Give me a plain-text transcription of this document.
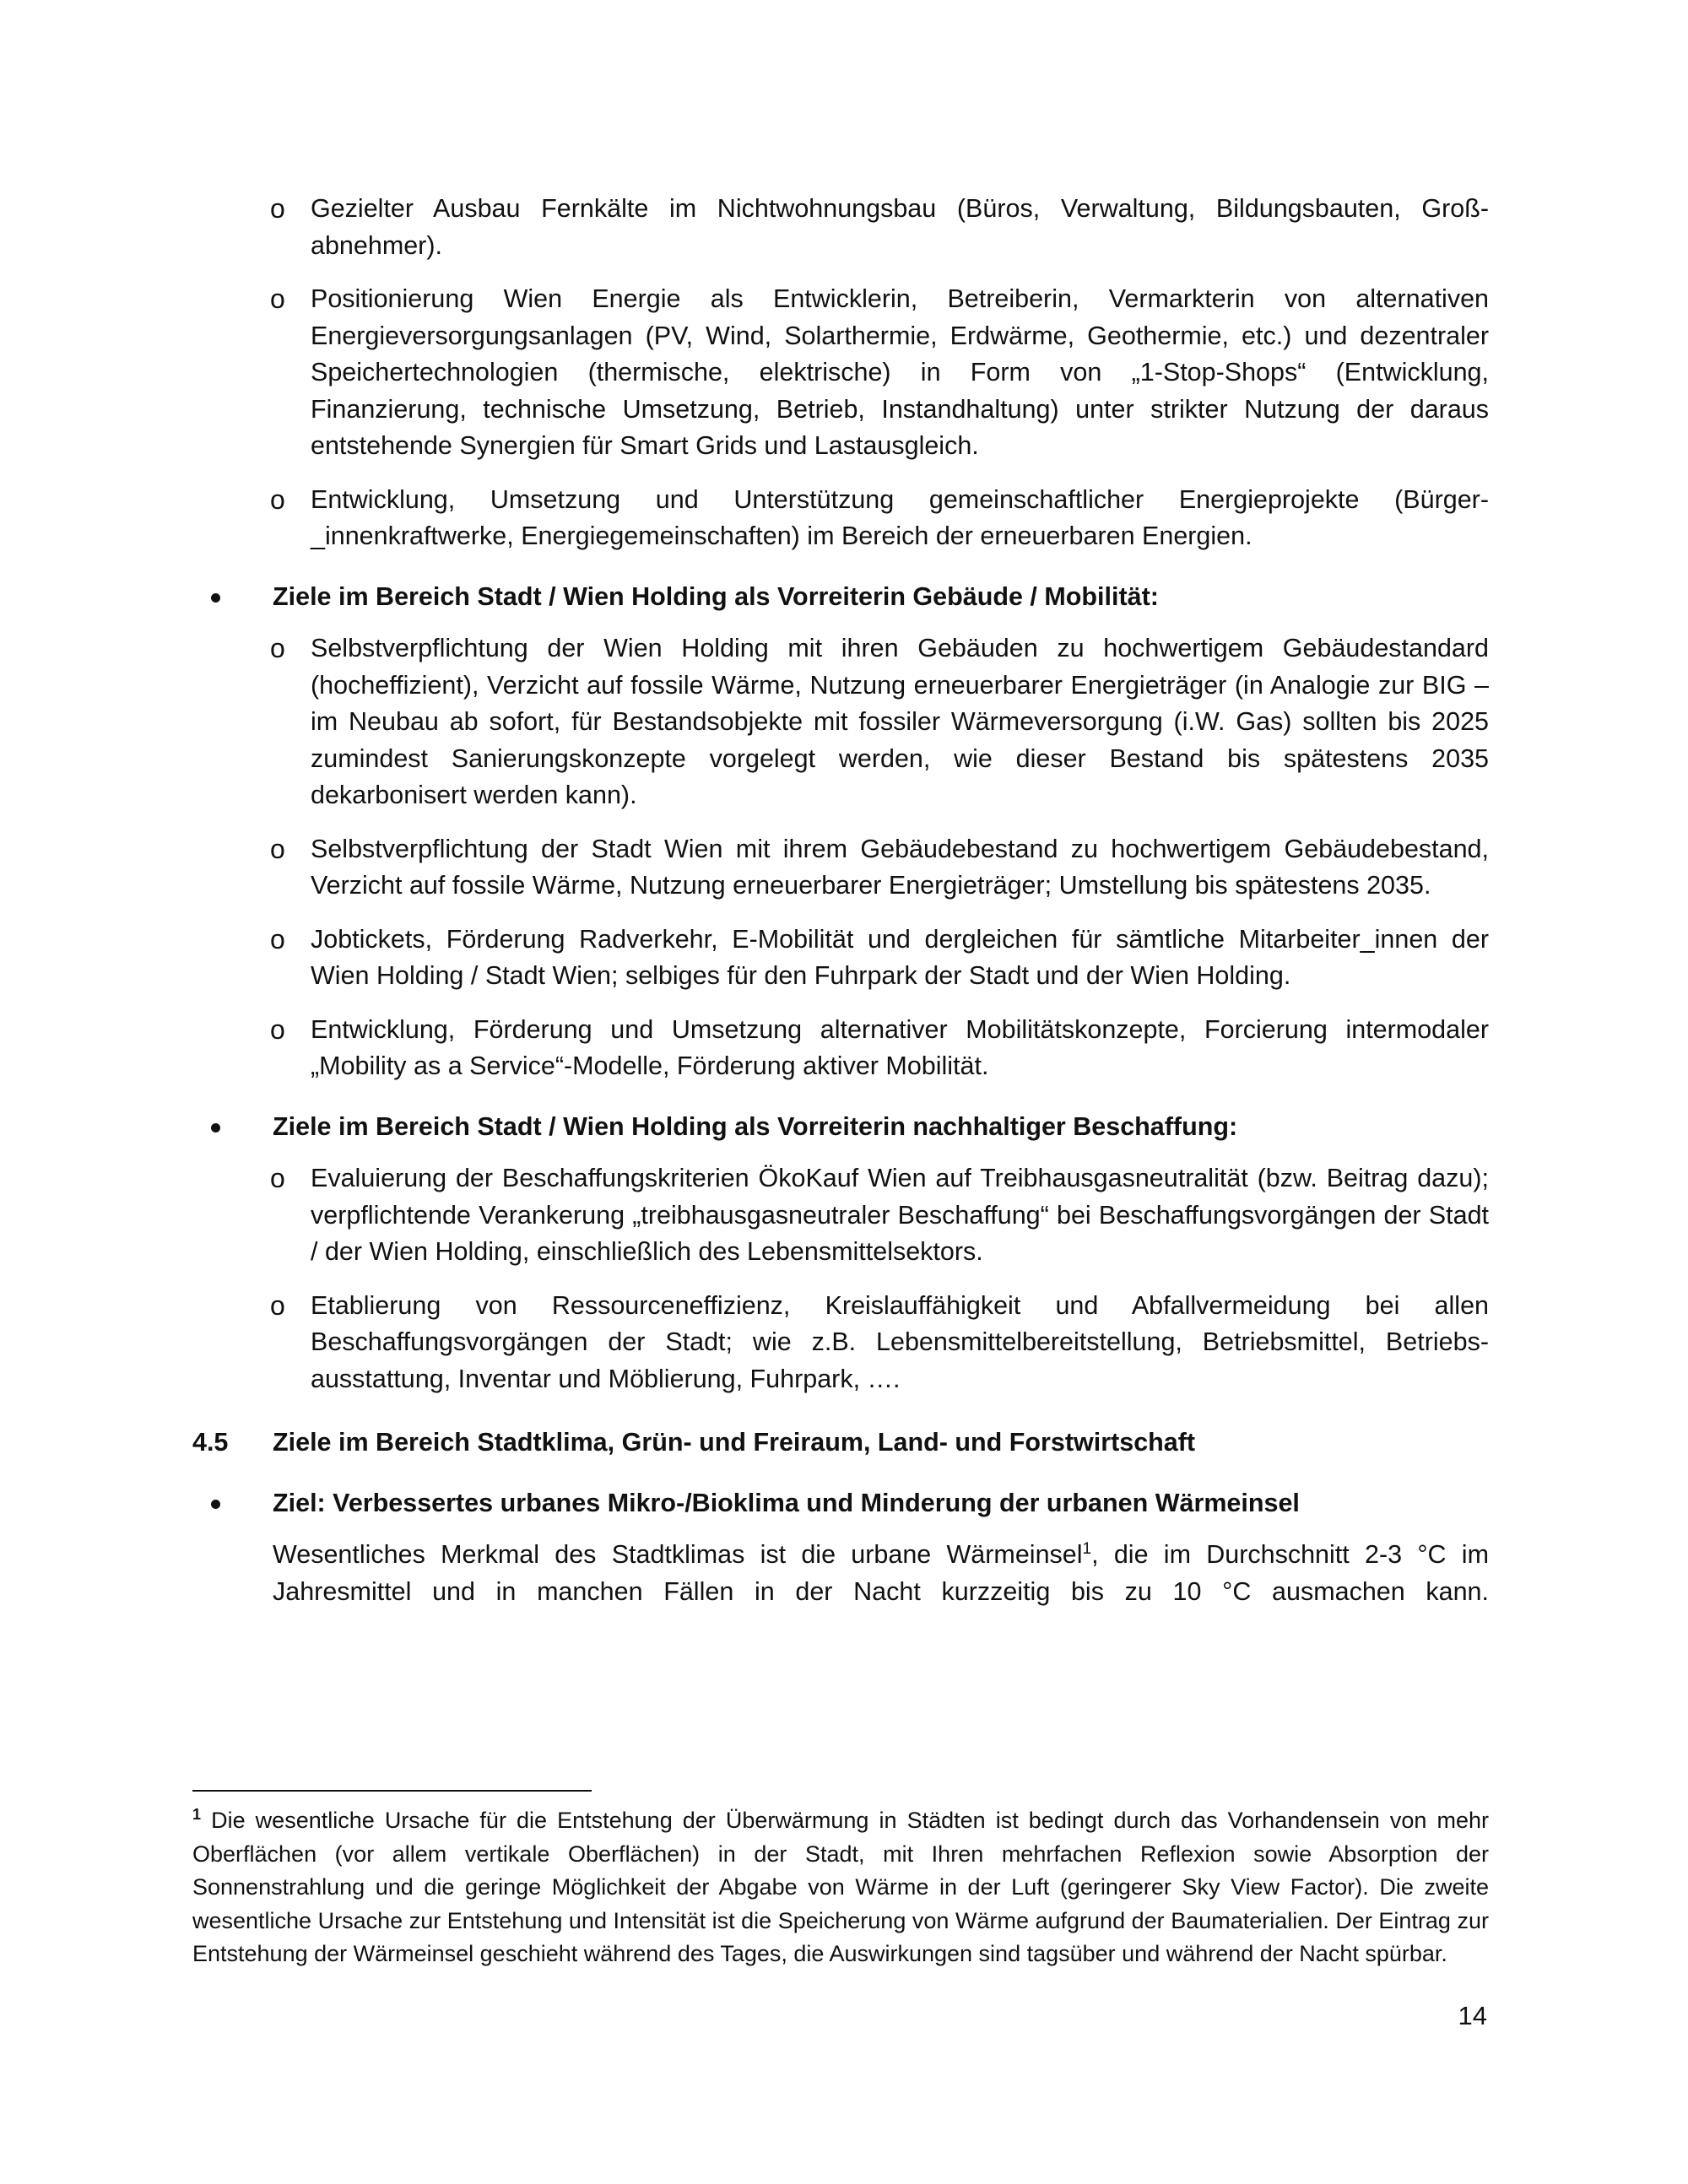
o Gezielter Ausbau Fernkälte im Nichtwohnungsbau (Büros, Verwaltung, Bildungsbauten, Großabnehmer).
o Positionierung Wien Energie als Entwicklerin, Betreiberin, Vermarkterin von alternativen Energieversorgungsanlagen (PV, Wind, Solarthermie, Erdwärme, Geothermie, etc.) und dezentraler Speichertechnologien (thermische, elektrische) in Form von „1-Stop-Shops“ (Entwicklung, Finanzierung, technische Umsetzung, Betrieb, Instandhaltung) unter strikter Nutzung der daraus entstehende Synergien für Smart Grids und Lastausgleich.
o Entwicklung, Umsetzung und Unterstützung gemeinschaftlicher Energieprojekte (Bürger_innenkraftwerke, Energiegemeinschaften) im Bereich der erneuerbaren Energien.
Ziele im Bereich Stadt / Wien Holding als Vorreiterin Gebäude / Mobilität:
o Selbstverpflichtung der Wien Holding mit ihren Gebäuden zu hochwertigem Gebäudestandard (hocheffizient), Verzicht auf fossile Wärme, Nutzung erneuerbarer Energieträger (in Analogie zur BIG – im Neubau ab sofort, für Bestandsobjekte mit fossiler Wärmeversorgung (i.W. Gas) sollten bis 2025 zumindest Sanierungskonzepte vorgelegt werden, wie dieser Bestand bis spätestens 2035 dekarbonisert werden kann).
o Selbstverpflichtung der Stadt Wien mit ihrem Gebäudebestand zu hochwertigem Gebäudebestand, Verzicht auf fossile Wärme, Nutzung erneuerbarer Energieträger; Umstellung bis spätestens 2035.
o Jobtickets, Förderung Radverkehr, E-Mobilität und dergleichen für sämtliche Mitarbeiter_innen der Wien Holding / Stadt Wien; selbiges für den Fuhrpark der Stadt und der Wien Holding.
o Entwicklung, Förderung und Umsetzung alternativer Mobilitätskonzepte, Forcierung intermodaler „Mobility as a Service“-Modelle, Förderung aktiver Mobilität.
Ziele im Bereich Stadt / Wien Holding als Vorreiterin nachhaltiger Beschaffung:
o Evaluierung der Beschaffungskriterien ÖkoKauf Wien auf Treibhausgasneutralität (bzw. Beitrag dazu); verpflichtende Verankerung „treibhausgasneutraler Beschaffung“ bei Beschaffungsvorgängen der Stadt / der Wien Holding, einschließlich des Lebensmittelsektors.
o Etablierung von Ressourceneffizienz, Kreislauffähigkeit und Abfallvermeidung bei allen Beschaffungsvorgängen der Stadt; wie z.B. Lebensmittelbereitstellung, Betriebsmittel, Betriebsausstattung, Inventar und Möblierung, Fuhrpark, ….
4.5 Ziele im Bereich Stadtklima, Grün- und Freiraum, Land- und Forstwirtschaft
Ziel: Verbessertes urbanes Mikro-/Bioklima und Minderung der urbanen Wärmeinsel

Wesentliches Merkmal des Stadtklimas ist die urbane Wärmeinsel$^1$, die im Durchschnitt 2-3 °C im Jahresmittel und in manchen Fällen in der Nacht kurzzeitig bis zu 10 °C ausmachen kann.

$^1$ Die wesentliche Ursache für die Entstehung der Überwärmung in Städten ist bedingt durch das Vorhandensein von mehr Oberflächen (vor allem vertikale Oberflächen) in der Stadt, mit Ihren mehrfachen Reflexion sowie Absorption der Sonnenstrahlung und die geringe Möglichkeit der Abgabe von Wärme in der Luft (geringerer Sky View Factor). Die zweite wesentliche Ursache zur Entstehung und Intensität ist die Speicherung von Wärme aufgrund der Baumaterialien. Der Eintrag zur Entstehung der Wärmeinsel geschieht während des Tages, die Auswirkungen sind tagsüber und während der Nacht spürbar.
14
